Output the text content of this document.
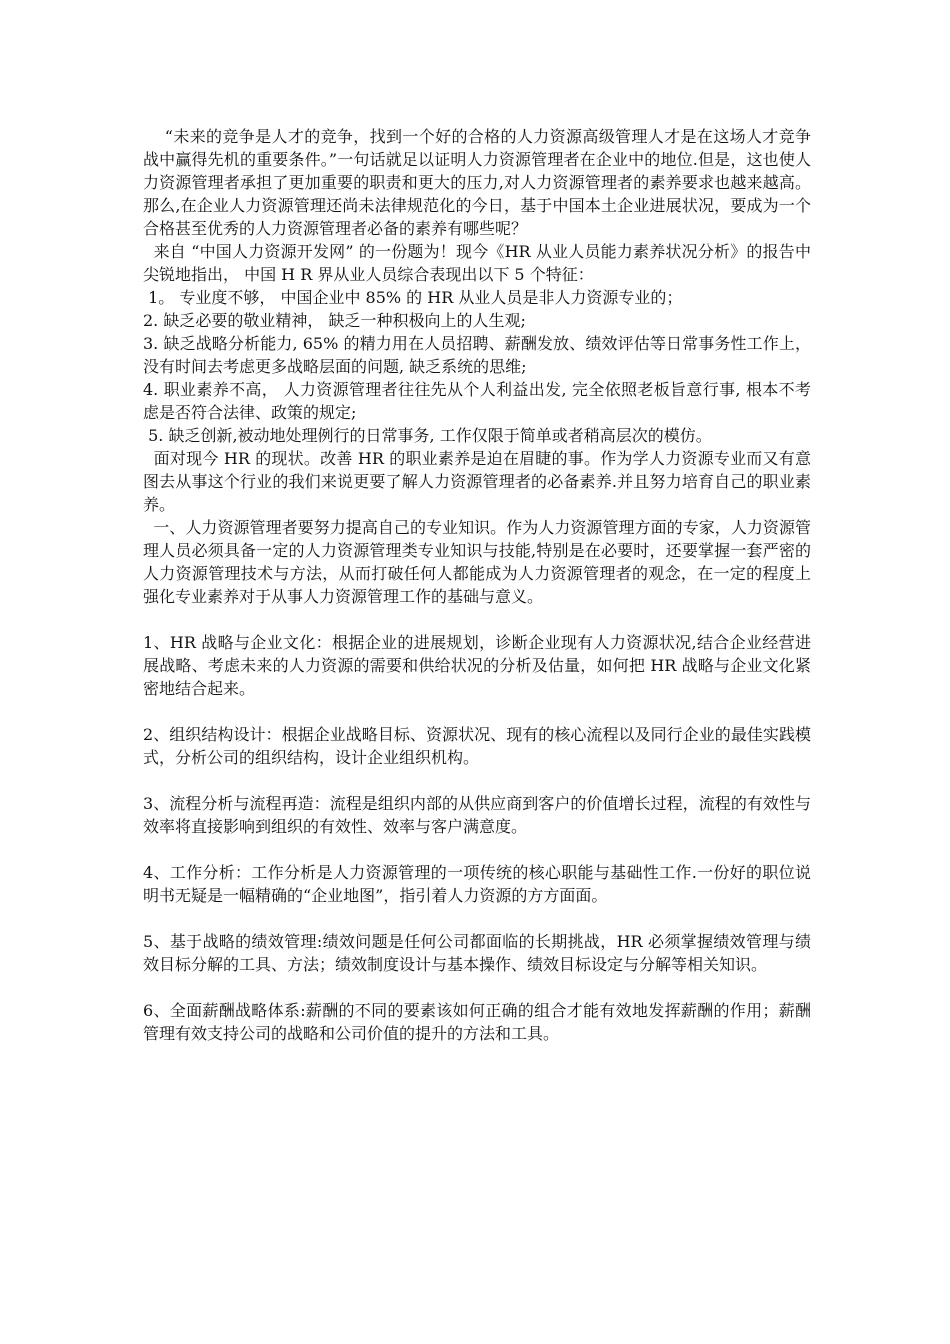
“未来的竞争是人才的竞争，找到一个好的合格的人力资源高级管理人才是在这场人才竞争战中赢得先机的重要条件。”一句话就足以证明人力资源管理者在企业中的地位.但是，这也使人力资源管理者承担了更加重要的职责和更大的压力,对人力资源管理者的素养要求也越来越高。那么,在企业人力资源管理还尚未法律规范化的今日，基于中国本土企业进展状况，要成为一个合格甚至优秀的人力资源管理者必备的素养有哪些呢？

来自 “中国人力资源开发网” 的一份题为！现今《HR 从业人员能力素养状况分析》的报告中尖锐地指出， 中国 H R 界从业人员综合表现出以下 5 个特征：

1。 专业度不够， 中国企业中 85% 的 HR 从业人员是非人力资源专业的；

2. 缺乏必要的敬业精神， 缺乏一种积极向上的人生观;

3. 缺乏战略分析能力, 65% 的精力用在人员招聘、薪酬发放、绩效评估等日常事务性工作上， 没有时间去考虑更多战略层面的问题, 缺乏系统的思维;

4. 职业素养不高， 人力资源管理者往往先从个人利益出发, 完全依照老板旨意行事, 根本不考虑是否符合法律、政策的规定;

5. 缺乏创新,被动地处理例行的日常事务, 工作仅限于简单或者稍高层次的模仿。

面对现今 HR 的现状。改善 HR 的职业素养是迫在眉睫的事。作为学人力资源专业而又有意图去从事这个行业的我们来说更要了解人力资源管理者的必备素养.并且努力培育自己的职业素养。

一、人力资源管理者要努力提高自己的专业知识。作为人力资源管理方面的专家，人力资源管理人员必须具备一定的人力资源管理类专业知识与技能,特别是在必要时，还要掌握一套严密的人力资源管理技术与方法，从而打破任何人都能成为人力资源管理者的观念，在一定的程度上强化专业素养对于从事人力资源管理工作的基础与意义。

1、HR 战略与企业文化：根据企业的进展规划，诊断企业现有人力资源状况,结合企业经营进展战略、考虑未来的人力资源的需要和供给状况的分析及估量，如何把 HR 战略与企业文化紧密地结合起来。

2、组织结构设计：根据企业战略目标、资源状况、现有的核心流程以及同行企业的最佳实践模式，分析公司的组织结构，设计企业组织机构。

3、流程分析与流程再造：流程是组织内部的从供应商到客户的价值增长过程，流程的有效性与效率将直接影响到组织的有效性、效率与客户满意度。

4、工作分析：工作分析是人力资源管理的一项传统的核心职能与基础性工作.一份好的职位说明书无疑是一幅精确的“企业地图”，指引着人力资源的方方面面。

5、基于战略的绩效管理:绩效问题是任何公司都面临的长期挑战，HR 必须掌握绩效管理与绩效目标分解的工具、方法；绩效制度设计与基本操作、绩效目标设定与分解等相关知识。

6、全面薪酬战略体系:薪酬的不同的要素该如何正确的组合才能有效地发挥薪酬的作用；薪酬管理有效支持公司的战略和公司价值的提升的方法和工具。
